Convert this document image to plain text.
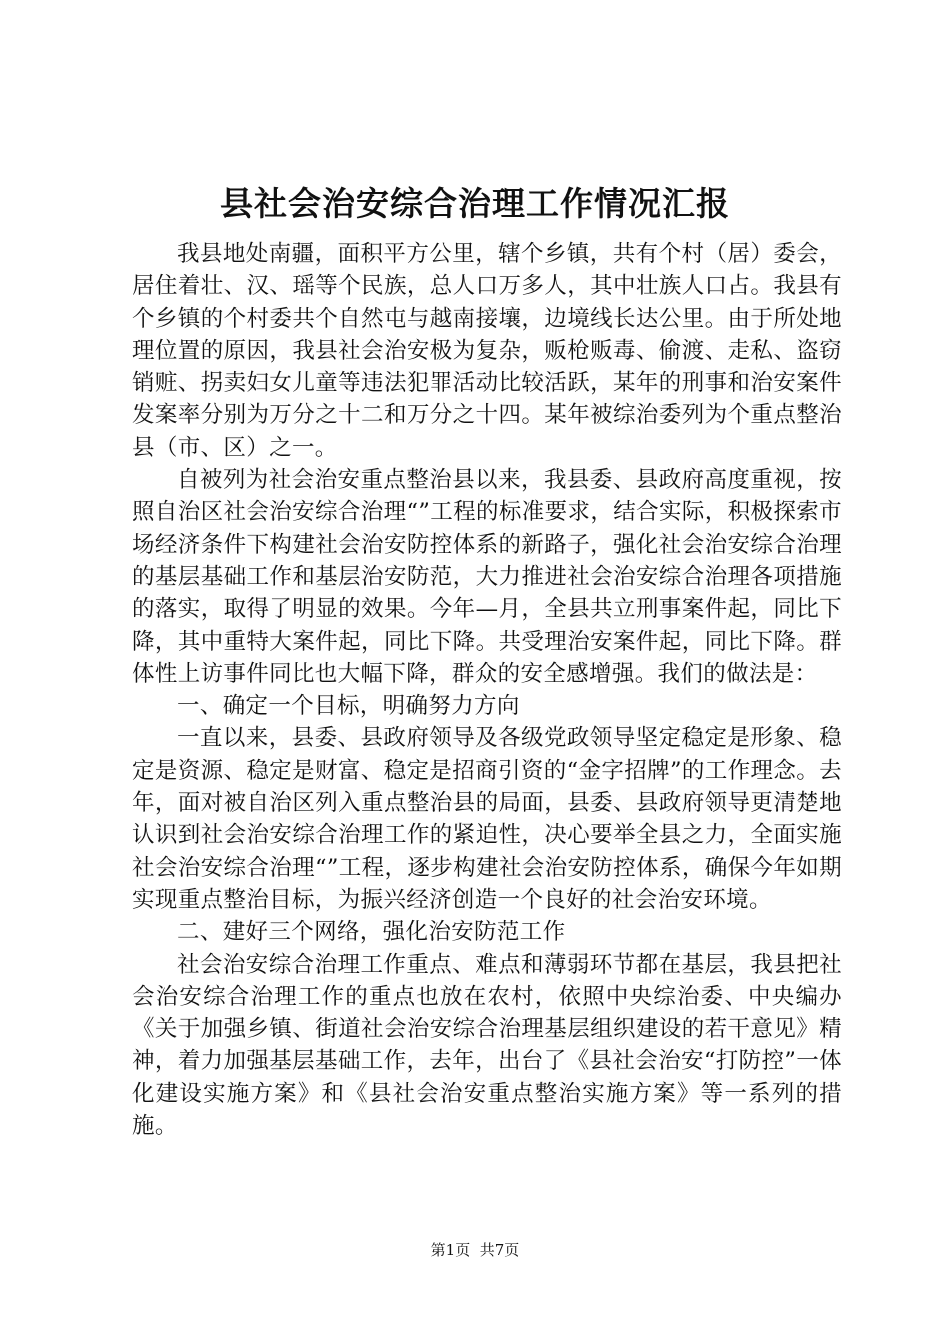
县社会治安综合治理工作情况汇报

我县地处南疆，面积平方公里，辖个乡镇，共有个村（居）委会，居住着壮、汉、瑶等个民族，总人口万多人，其中壮族人口占。我县有个乡镇的个村委共个自然屯与越南接壤，边境线长达公里。由于所处地理位置的原因，我县社会治安极为复杂，贩枪贩毒、偷渡、走私、盗窃销赃、拐卖妇女儿童等违法犯罪活动比较活跃，某年的刑事和治安案件发案率分别为万分之十二和万分之十四。某年被综治委列为个重点整治县（市、区）之一。

自被列为社会治安重点整治县以来，我县委、县政府高度重视，按照自治区社会治安综合治理“”工程的标准要求，结合实际，积极探索市场经济条件下构建社会治安防控体系的新路子，强化社会治安综合治理的基层基础工作和基层治安防范，大力推进社会治安综合治理各项措施的落实，取得了明显的效果。今年—月，全县共立刑事案件起，同比下降，其中重特大案件起，同比下降。共受理治安案件起，同比下降。群体性上访事件同比也大幅下降，群众的安全感增强。我们的做法是：

一、确定一个目标，明确努力方向

一直以来，县委、县政府领导及各级党政领导坚定稳定是形象、稳定是资源、稳定是财富、稳定是招商引资的“金字招牌”的工作理念。去年，面对被自治区列入重点整治县的局面，县委、县政府领导更清楚地认识到社会治安综合治理工作的紧迫性，决心要举全县之力，全面实施社会治安综合治理“”工程，逐步构建社会治安防控体系，确保今年如期实现重点整治目标，为振兴经济创造一个良好的社会治安环境。

二、建好三个网络，强化治安防范工作

社会治安综合治理工作重点、难点和薄弱环节都在基层，我县把社会治安综合治理工作的重点也放在农村，依照中央综治委、中央编办《关于加强乡镇、街道社会治安综合治理基层组织建设的若干意见》精神，着力加强基层基础工作，去年，出台了《县社会治安“打防控”一体化建设实施方案》和《县社会治安重点整治实施方案》等一系列的措施。

第1页 共7页
